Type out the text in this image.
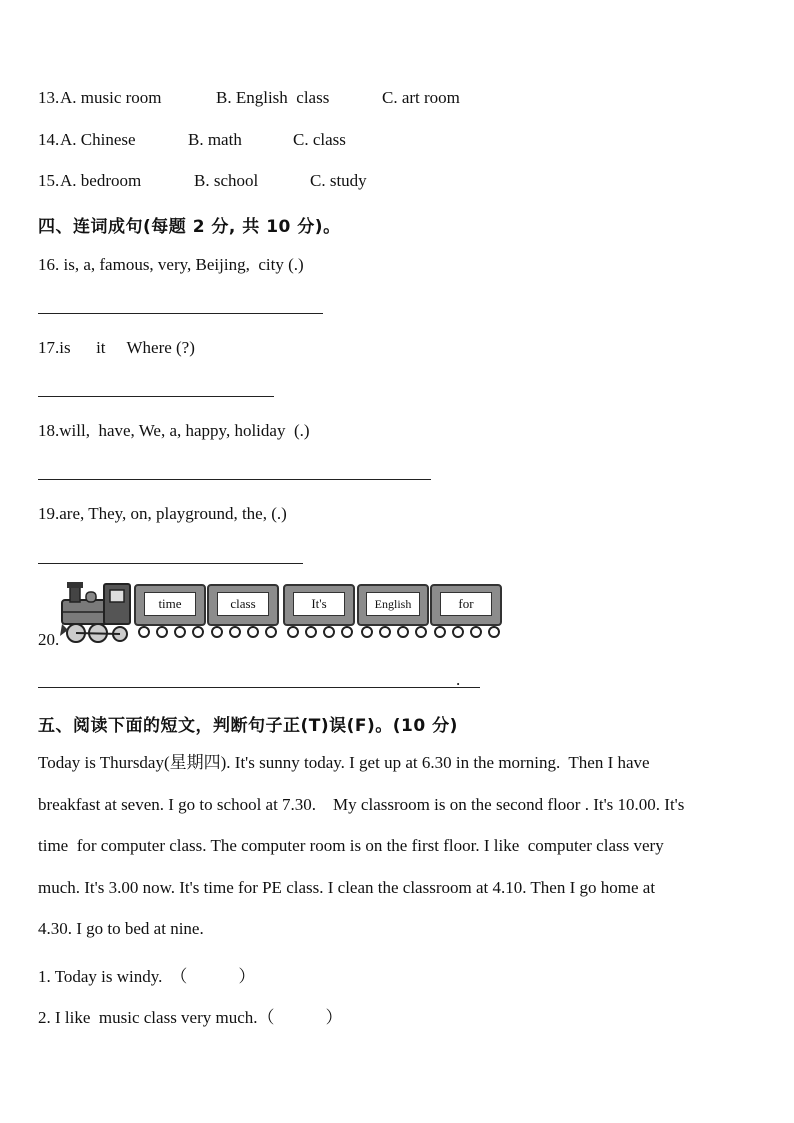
13. A. music room	B. English  class	C. art room
14. A. Chinese	B. math	C. class
15. A. bedroom	B. school	C. study
四、连词成句(每题 2 分, 共 10 分)。
16. is, a, famous, very, Beijing,  city (.)
17.is      it     Where (?)
18.will,  have, We, a, happy, holiday  (.)
19.are, They, on, playground, the, (.)
20.
time	class	It's	English	for
.
五、阅读下面的短文，判断句子正(T)误(F)。(10 分)
Today is Thursday(星期四). It's sunny today. I get up at 6.30 in the morning.  Then I have
breakfast at seven. I go to school at 7.30.    My classroom is on the second floor . It's 10.00. It's
time  for computer class. The computer room is on the first floor. I like  computer class very
much. It's 3.00 now. It's time for PE class. I clean the classroom at 4.10. Then I go home at
4.30. I go to bed at nine.
1. Today is windy. （            ）
2. I like  music class very much.（            ）
